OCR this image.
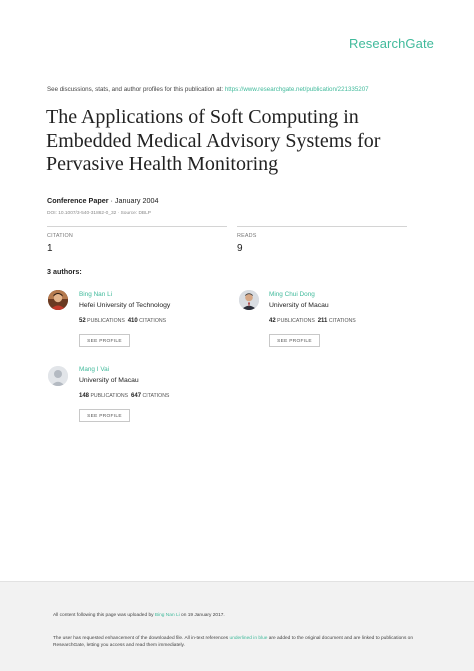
ResearchGate
See discussions, stats, and author profiles for this publication at: https://www.researchgate.net/publication/221335207
The Applications of Soft Computing in Embedded Medical Advisory Systems for Pervasive Health Monitoring
Conference Paper · January 2004
DOI: 10.1007/3-540-31862-0_32 · Source: DBLP
CITATION
1
READS
9
3 authors:
Bing Nan Li
Hefei University of Technology
52 PUBLICATIONS 410 CITATIONS
SEE PROFILE
Ming Chui Dong
University of Macau
42 PUBLICATIONS 211 CITATIONS
SEE PROFILE
Mang I Vai
University of Macau
148 PUBLICATIONS 647 CITATIONS
SEE PROFILE
All content following this page was uploaded by Bing Nan Li on 19 January 2017.
The user has requested enhancement of the downloaded file. All in-text references underlined in blue are added to the original document and are linked to publications on ResearchGate, letting you access and read them immediately.
